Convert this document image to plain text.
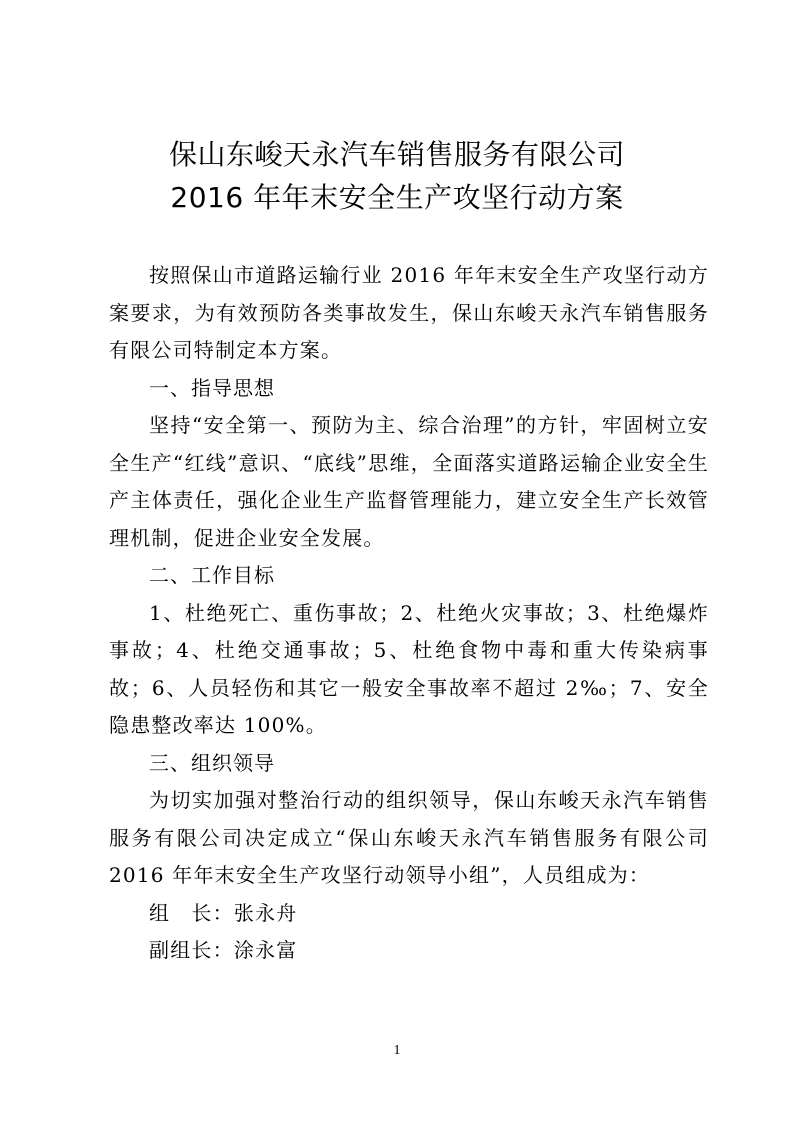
保山东峻天永汽车销售服务有限公司
2016 年年末安全生产攻坚行动方案

按照保山市道路运输行业 2016 年年末安全生产攻坚行动方案要求，为有效预防各类事故发生，保山东峻天永汽车销售服务有限公司特制定本方案。

一、指导思想

坚持“安全第一、预防为主、综合治理”的方针，牢固树立安全生产“红线”意识、“底线”思维，全面落实道路运输企业安全生产主体责任，强化企业生产监督管理能力，建立安全生产长效管理机制，促进企业安全发展。

二、工作目标

1、杜绝死亡、重伤事故；2、杜绝火灾事故；3、杜绝爆炸事故；4、杜绝交通事故；5、杜绝食物中毒和重大传染病事故；6、人员轻伤和其它一般安全事故率不超过 2‰；7、安全隐患整改率达 100%。

三、组织领导

为切实加强对整治行动的组织领导，保山东峻天永汽车销售服务有限公司决定成立“保山东峻天永汽车销售服务有限公司 2016 年年末安全生产攻坚行动领导小组”，人员组成为：

组　长：张永舟

副组长：涂永富

1
